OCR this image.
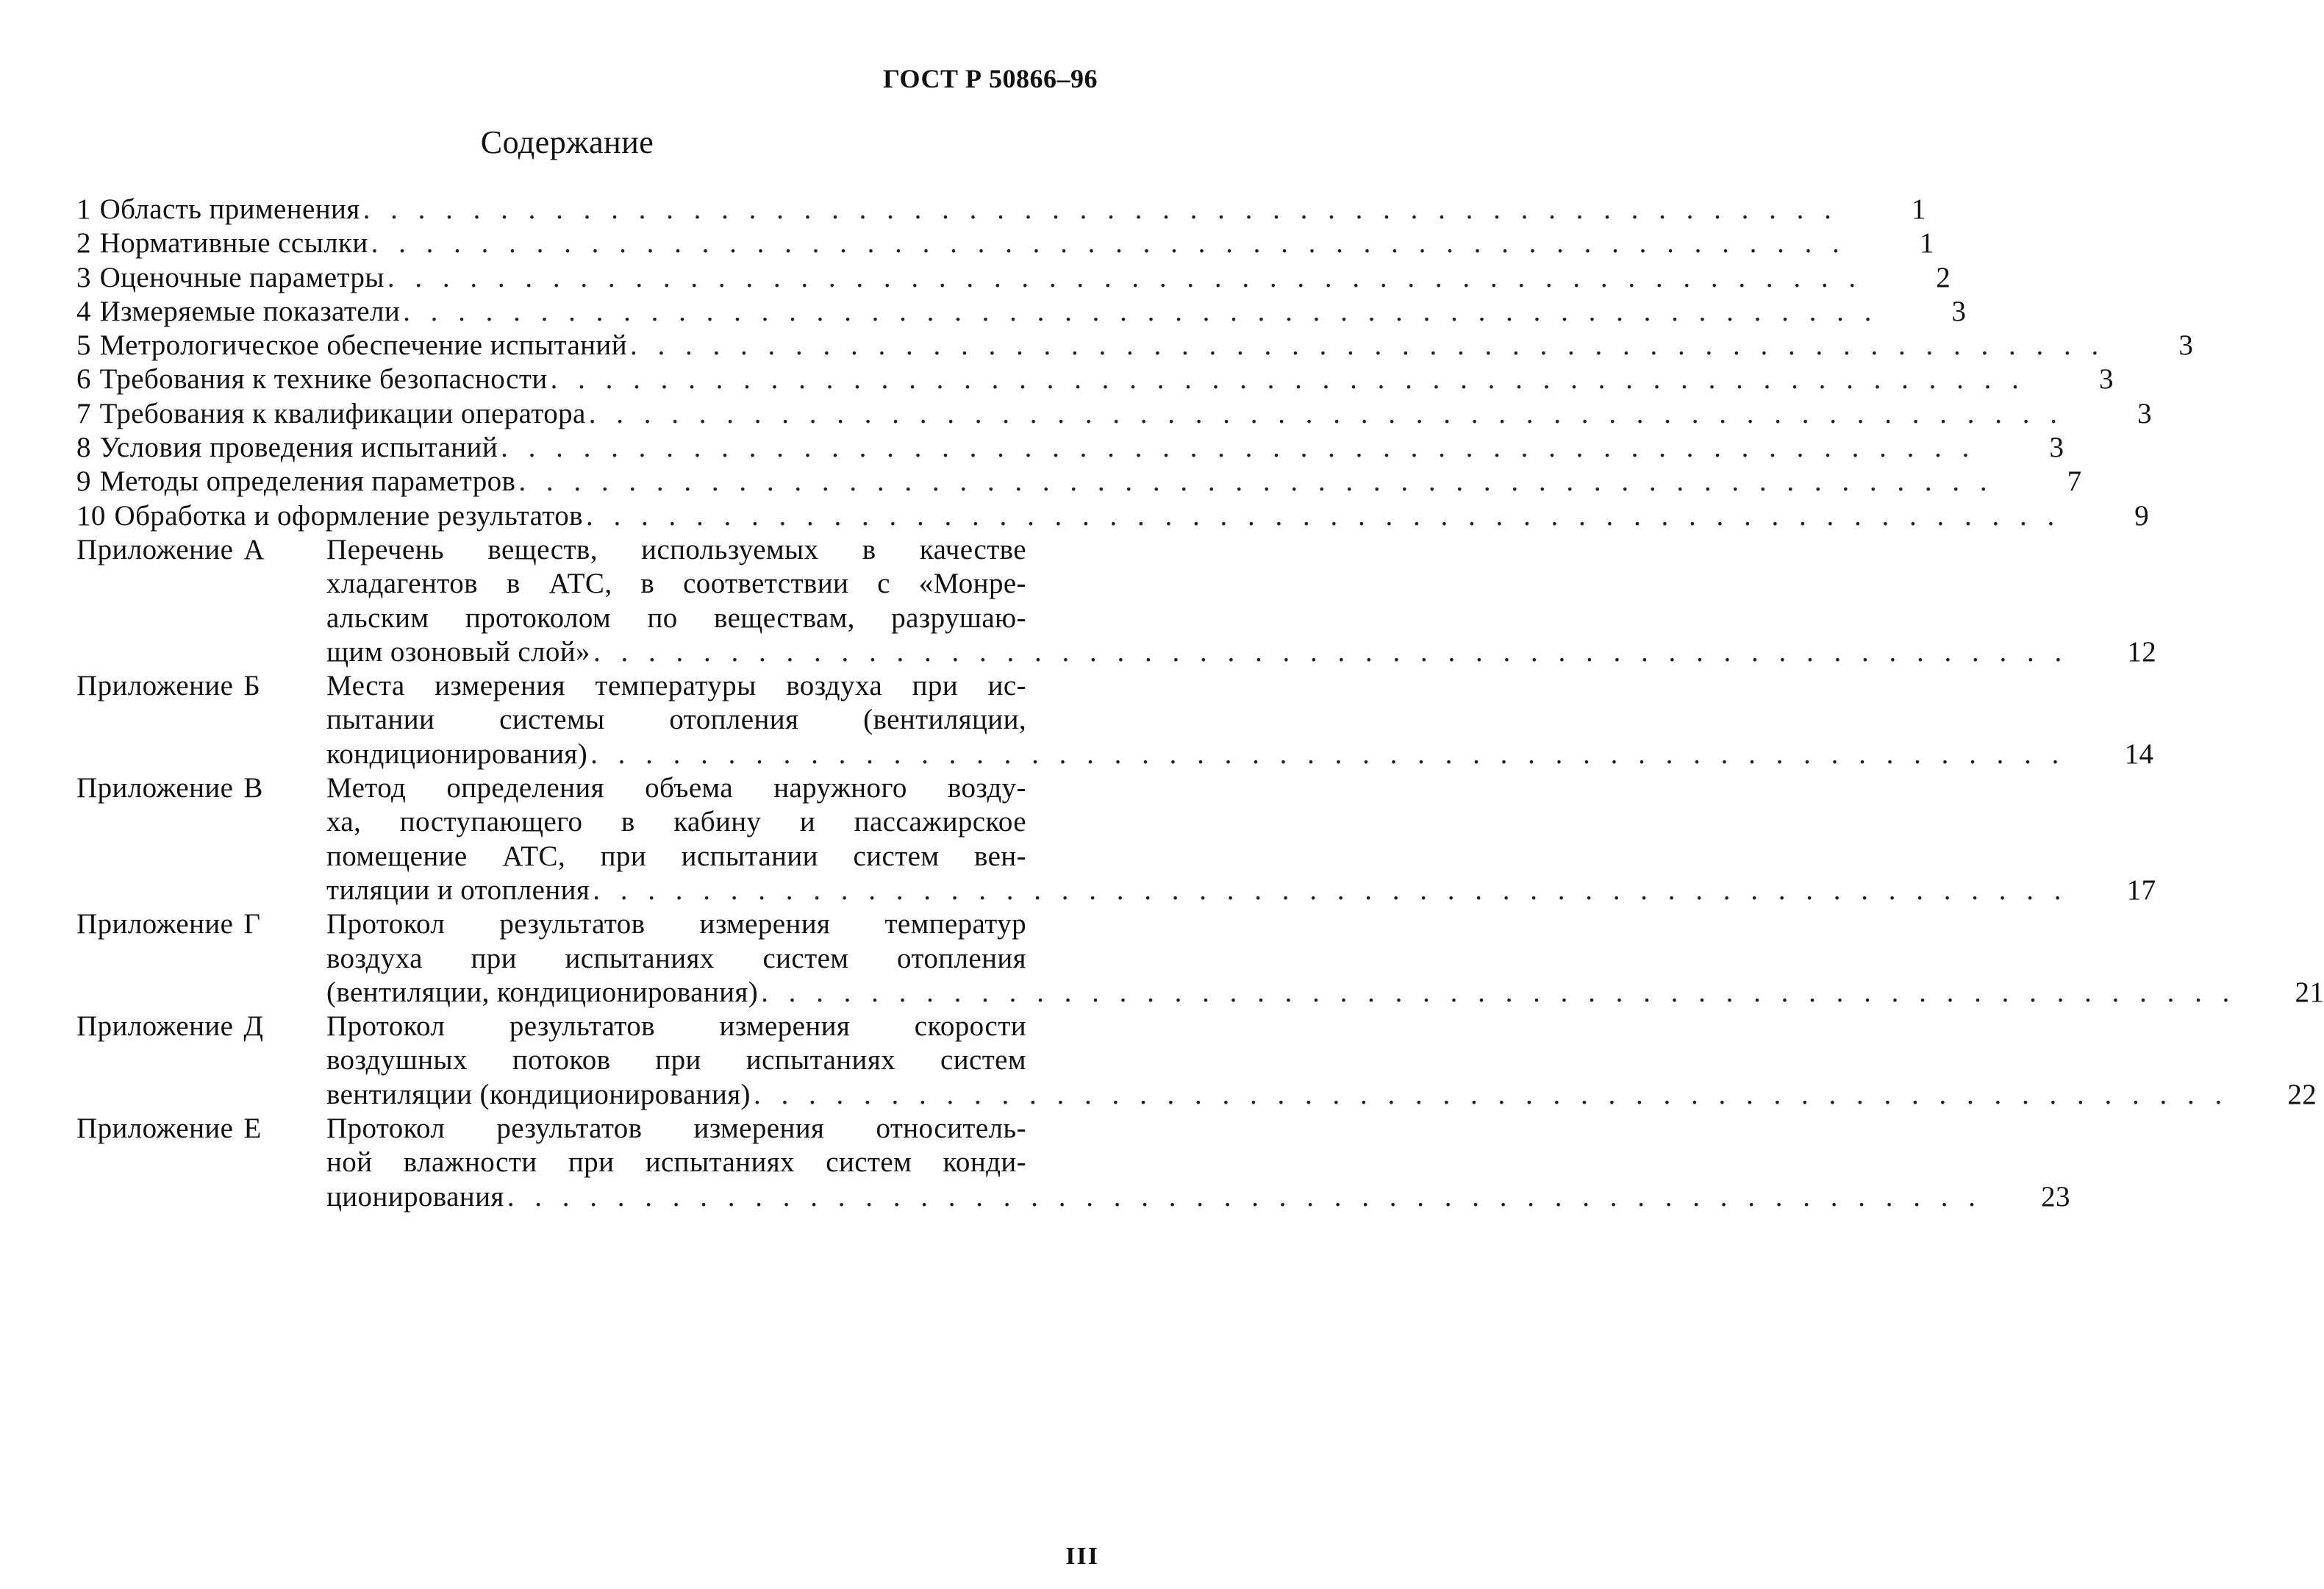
ГОСТ Р 50866–96
Содержание
1 Область применения . . . . . . . . . . . . . . . . . . . . . . . . . . . . . . . . . . . . . . . . . . . . . . . . . . . . . .	1
2 Нормативные ссылки . . . . . . . . . . . . . . . . . . . . . . . . . . . . . . . . . . . . . . . . . . . . . . . . . . . . . .	1
3 Оценочные параметры . . . . . . . . . . . . . . . . . . . . . . . . . . . . . . . . . . . . . . . . . . . . . . . . . . . . . .	2
4 Измеряемые показатели . . . . . . . . . . . . . . . . . . . . . . . . . . . . . . . . . . . . . . . . . . . . . . . . . . . . . .	3
5 Метрологическое обеспечение испытаний . . . . . . . . . . . . . . . . . . . . . . . . . . . . . . . . . . . . . . . . . . . . . . . . . . . . . .	3
6 Требования к технике безопасности . . . . . . . . . . . . . . . . . . . . . . . . . . . . . . . . . . . . . . . . . . . . . . . . . . . . . .	3
7 Требования к квалификации оператора . . . . . . . . . . . . . . . . . . . . . . . . . . . . . . . . . . . . . . . . . . . . . . . . . . . . . .	3
8 Условия проведения испытаний . . . . . . . . . . . . . . . . . . . . . . . . . . . . . . . . . . . . . . . . . . . . . . . . . . . . . .	3
9 Методы определения параметров . . . . . . . . . . . . . . . . . . . . . . . . . . . . . . . . . . . . . . . . . . . . . . . . . . . . . .	7
10 Обработка и оформление результатов . . . . . . . . . . . . . . . . . . . . . . . . . . . . . . . . . . . . . . . . . . . . . . . . . . . . . .	9
Приложение А	Перечень веществ, используемых в качестве
хладагентов в АТС, в соответствии с «Монре-
альским протоколом по веществам, разрушаю-
щим озоновый слой» . . . . . . . . . . . . . . . . . . . . . . . . . . . . . . . . . . . . . . . . . . . . . . . . . . . . . .	12
Приложение Б	Места измерения температуры воздуха при ис-
пытании системы отопления (вентиляции,
кондиционирования) . . . . . . . . . . . . . . . . . . . . . . . . . . . . . . . . . . . . . . . . . . . . . . . . . . . . . .	14
Приложение В	Метод определения объема наружного возду-
ха, поступающего в кабину и пассажирское
помещение АТС, при испытании систем вен-
тиляции и отопления . . . . . . . . . . . . . . . . . . . . . . . . . . . . . . . . . . . . . . . . . . . . . . . . . . . . . .	17
Приложение Г	Протокол результатов измерения температур
воздуха при испытаниях систем отопления
(вентиляции, кондиционирования) . . . . . . . . . . . . . . . . . . . . . . . . . . . . . . . . . . . . . . . . . . . . . . . . . . . . . .	21
Приложение Д	Протокол результатов измерения скорости
воздушных потоков при испытаниях систем
вентиляции (кондиционирования) . . . . . . . . . . . . . . . . . . . . . . . . . . . . . . . . . . . . . . . . . . . . . . . . . . . . . .	22
Приложение Е	Протокол результатов измерения относитель-
ной влажности при испытаниях систем конди-
ционирования . . . . . . . . . . . . . . . . . . . . . . . . . . . . . . . . . . . . . . . . . . . . . . . . . . . . . .	23
III
